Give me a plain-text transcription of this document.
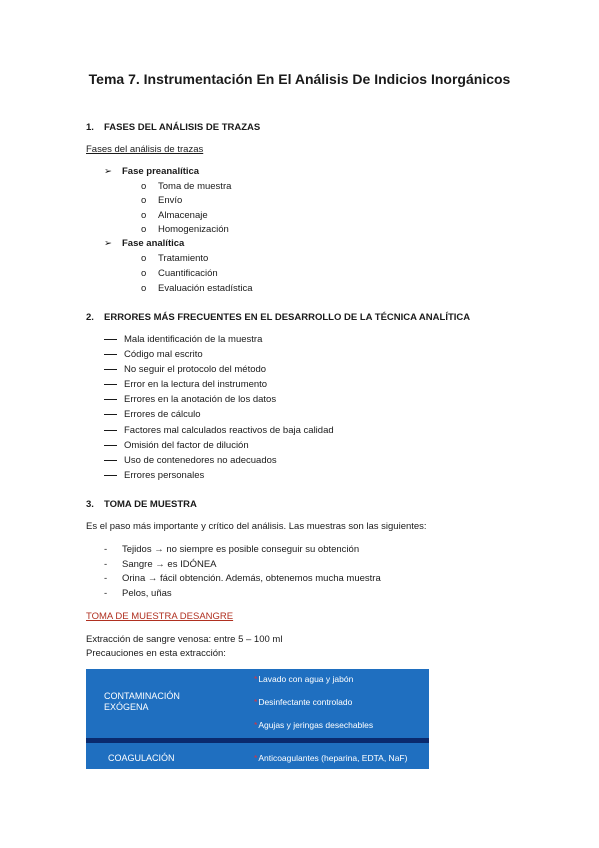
Tema 7. Instrumentación En El Análisis De Indicios Inorgánicos
1. FASES DEL ANÁLISIS DE TRAZAS
Fases del análisis de trazas
➢ Fase preanalítica
o Toma de muestra
o Envío
o Almacenaje
o Homogenización
➢ Fase analítica
o Tratamiento
o Cuantificación
o Evaluación estadística
2. ERRORES MÁS FRECUENTES EN EL DESARROLLO DE LA TÉCNICA ANALÍTICA
Mala identificación de la muestra
Código mal escrito
No seguir el protocolo del método
Error en la lectura del instrumento
Errores en la anotación de los datos
Errores de cálculo
Factores mal calculados reactivos de baja calidad
Omisión del factor de dilución
Uso de contenedores no adecuados
Errores personales
3. TOMA DE MUESTRA
Es el paso más importante y crítico del análisis. Las muestras son las siguientes:
- Tejidos → no siempre es posible conseguir su obtención
- Sangre → es IDÓNEA
- Orina → fácil obtención. Además, obtenemos mucha muestra
- Pelos, uñas
TOMA DE MUESTRA DESANGRE
Extracción de sangre venosa: entre 5 – 100 ml
Precauciones en esta extracción:
CONTAMINACIÓN
EXÓGENA
*Lavado con agua y jabón
*Desinfectante controlado
*Agujas y jeringas desechables
COAGULACIÓN	*Anticoagulantes (heparina, EDTA, NaF)
